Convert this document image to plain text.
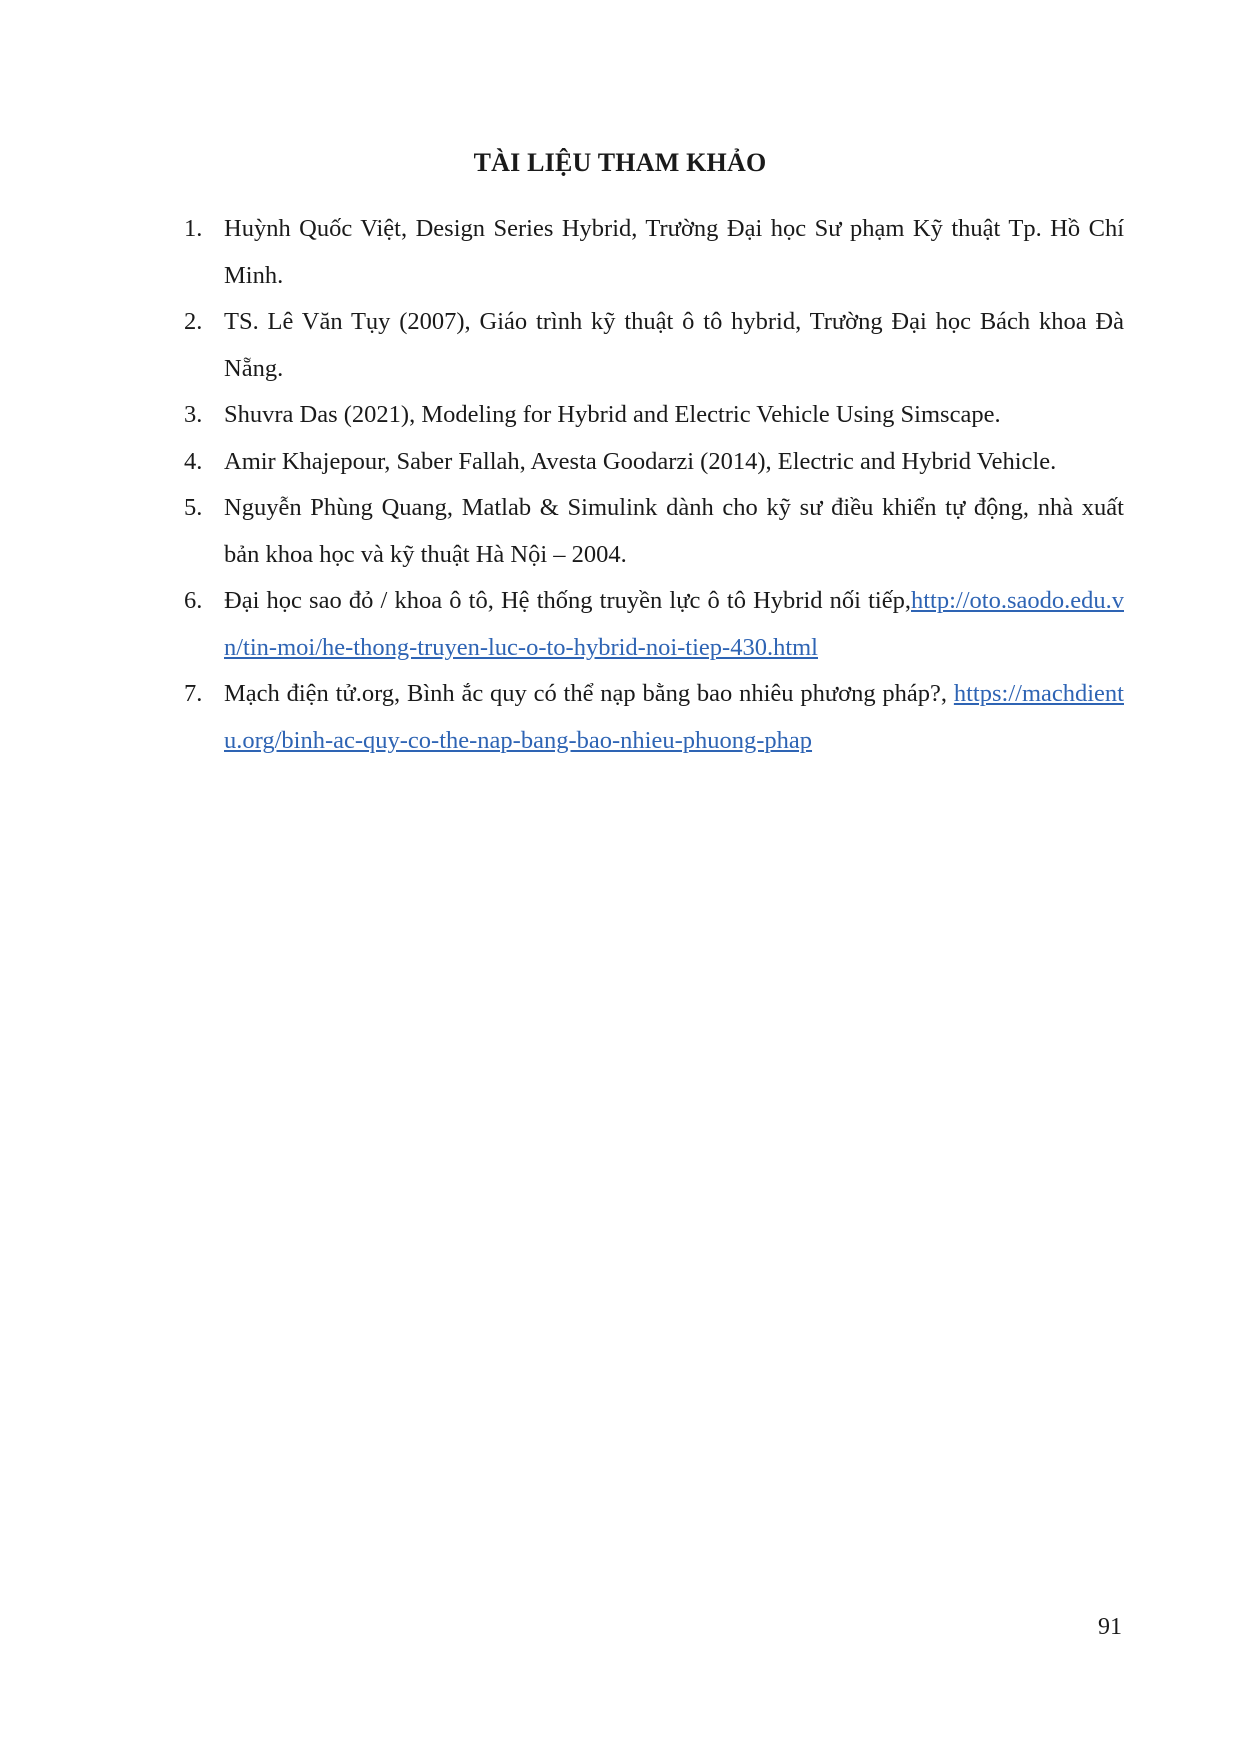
TÀI LIỆU THAM KHẢO
1. Huỳnh Quốc Việt, Design Series Hybrid, Trường Đại học Sư phạm Kỹ thuật Tp. Hồ Chí Minh.
2. TS. Lê Văn Tụy (2007), Giáo trình kỹ thuật ô tô hybrid, Trường Đại học Bách khoa Đà Nẵng.
3. Shuvra Das (2021), Modeling for Hybrid and Electric Vehicle Using Simscape.
4. Amir Khajepour, Saber Fallah, Avesta Goodarzi (2014), Electric and Hybrid Vehicle.
5. Nguyễn Phùng Quang, Matlab & Simulink dành cho kỹ sư điều khiển tự động, nhà xuất bản khoa học và kỹ thuật Hà Nội – 2004.
6. Đại học sao đỏ / khoa ô tô, Hệ thống truyền lực ô tô Hybrid nối tiếp,http://oto.saodo.edu.vn/tin-moi/he-thong-truyen-luc-o-to-hybrid-noi-tiep-430.html
7. Mạch điện tử.org, Bình ắc quy có thể nạp bằng bao nhiêu phương pháp?, https://machdientu.org/binh-ac-quy-co-the-nap-bang-bao-nhieu-phuong-phap
91
